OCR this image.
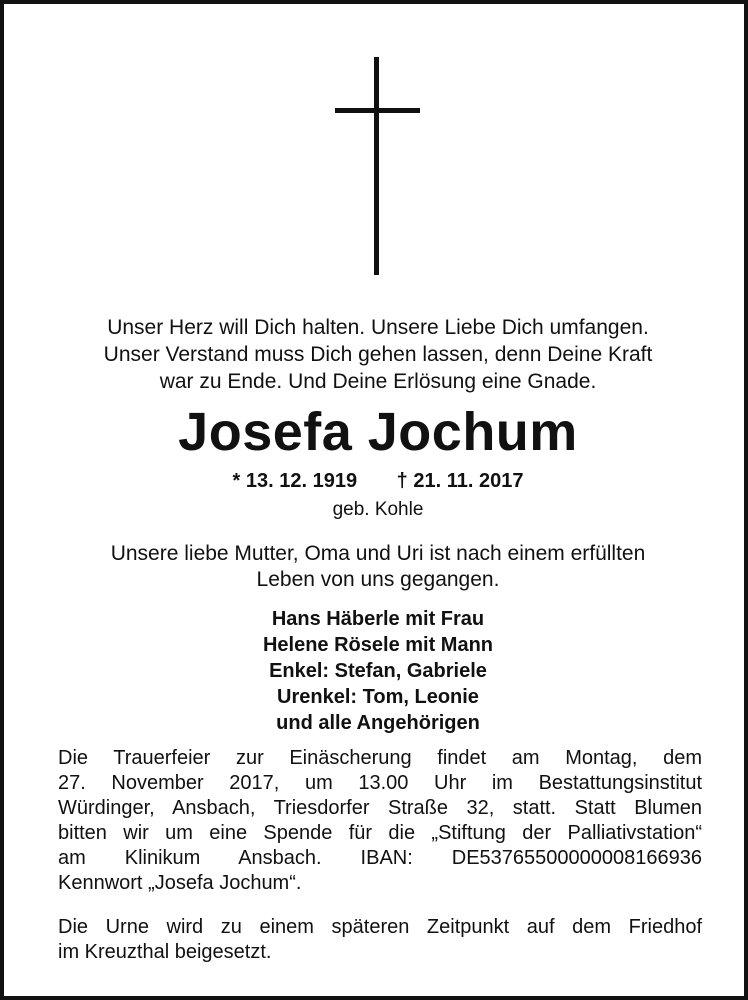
Unser Herz will Dich halten. Unsere Liebe Dich umfangen.
Unser Verstand muss Dich gehen lassen, denn Deine Kraft
war zu Ende. Und Deine Erlösung eine Gnade.
Josefa Jochum
* 13. 12. 1919 † 21. 11. 2017
geb. Kohle
Unsere liebe Mutter, Oma und Uri ist nach einem erfüllten
Leben von uns gegangen.
Hans Häberle mit Frau
Helene Rösele mit Mann
Enkel: Stefan, Gabriele
Urenkel: Tom, Leonie
und alle Angehörigen
Die Trauerfeier zur Einäscherung findet am Montag, dem
27. November 2017, um 13.00 Uhr im Bestattungsinstitut
Würdinger, Ansbach, Triesdorfer Straße 32, statt. Statt Blumen
bitten wir um eine Spende für die „Stiftung der Palliativstation“
am Klinikum Ansbach. IBAN: DE53765500000008166936
Kennwort „Josefa Jochum“.
Die Urne wird zu einem späteren Zeitpunkt auf dem Friedhof
im Kreuzthal beigesetzt.
